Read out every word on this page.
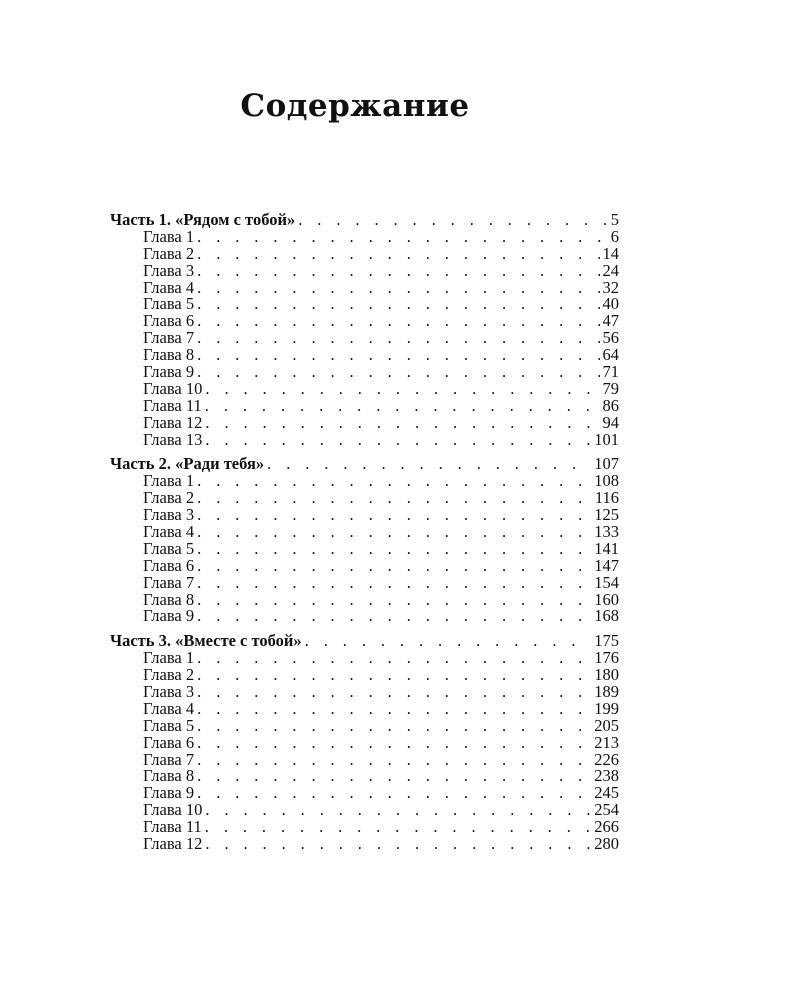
Содержание
Часть 1. «Рядом с тобой» . . .	5
Глава 1 . . .	6
Глава 2 . . .	14
Глава 3 . . .	24
Глава 4 . . .	32
Глава 5 . . .	40
Глава 6 . . .	47
Глава 7 . . .	56
Глава 8 . . .	64
Глава 9 . . .	71
Глава 10 . . .	79
Глава 11 . . .	86
Глава 12 . . .	94
Глава 13 . . .	101
Часть 2. «Ради тебя» . . .	107
Глава 1 . . .	108
Глава 2 . . .	116
Глава 3 . . .	125
Глава 4 . . .	133
Глава 5 . . .	141
Глава 6 . . .	147
Глава 7 . . .	154
Глава 8 . . .	160
Глава 9 . . .	168
Часть 3. «Вместе с тобой» . . .	175
Глава 1 . . .	176
Глава 2 . . .	180
Глава 3 . . .	189
Глава 4 . . .	199
Глава 5 . . .	205
Глава 6 . . .	213
Глава 7 . . .	226
Глава 8 . . .	238
Глава 9 . . .	245
Глава 10 . . .	254
Глава 11 . . .	266
Глава 12 . . .	280
